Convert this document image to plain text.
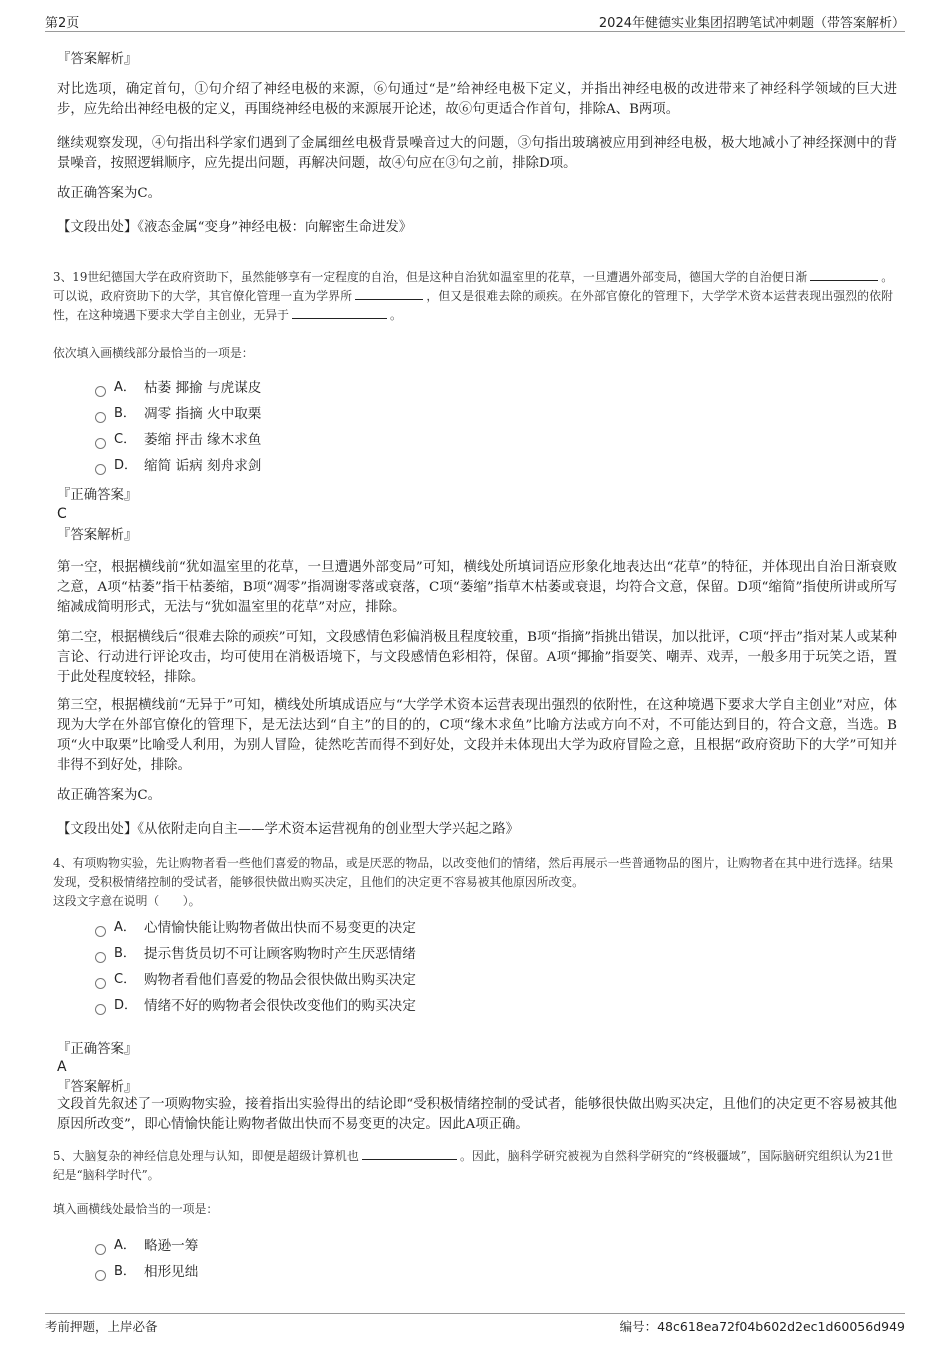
第2页	2024年健德实业集团招聘笔试冲刺题（带答案解析）
『答案解析』

对比选项，确定首句，①句介绍了神经电极的来源，⑥句通过“是”给神经电极下定义，并指出神经电极的改进带来了神经科学领域的巨大进步，应先给出神经电极的定义，再围绕神经电极的来源展开论述，故⑥句更适合作首句，排除A、B两项。

继续观察发现，④句指出科学家们遇到了金属细丝电极背景噪音过大的问题，③句指出玻璃被应用到神经电极，极大地减小了神经探测中的背景噪音，按照逻辑顺序，应先提出问题，再解决问题，故④句应在③句之前，排除D项。

故正确答案为C。

【文段出处】《液态金属“变身”神经电极：向解密生命进发》

3、19世纪德国大学在政府资助下，虽然能够享有一定程度的自治，但是这种自治犹如温室里的花草，一旦遭遇外部变局，德国大学的自治便日渐	。可以说，政府资助下的大学，其官僚化管理一直为学界所	，但又是很难去除的顽疾。在外部官僚化的管理下，大学学术资本运营表现出强烈的依附性，在这种境遇下要求大学自主创业，无异于	。

依次填入画横线部分最恰当的一项是：

A． 枯萎 揶揄 与虎谋皮
B． 凋零 指摘 火中取栗
C． 萎缩 抨击 缘木求鱼
D． 缩简 诟病 刻舟求剑
『正确答案』
C
『答案解析』

第一空，根据横线前“犹如温室里的花草，一旦遭遇外部变局”可知，横线处所填词语应形象化地表达出“花草”的特征，并体现出自治日渐衰败之意，A项“枯萎”指干枯萎缩，B项“凋零”指凋谢零落或衰落，C项“萎缩”指草木枯萎或衰退，均符合文意，保留。D项“缩简”指使所讲或所写缩减成简明形式，无法与“犹如温室里的花草”对应，排除。

第二空，根据横线后“很难去除的顽疾”可知，文段感情色彩偏消极且程度较重，B项“指摘”指挑出错误，加以批评，C项“抨击”指对某人或某种言论、行动进行评论攻击，均可使用在消极语境下，与文段感情色彩相符，保留。A项“揶揄”指耍笑、嘲弄、戏弄，一般多用于玩笑之语，置于此处程度较轻，排除。

第三空，根据横线前“无异于”可知，横线处所填成语应与“大学学术资本运营表现出强烈的依附性，在这种境遇下要求大学自主创业”对应，体现为大学在外部官僚化的管理下，是无法达到“自主”的目的的，C项“缘木求鱼”比喻方法或方向不对，不可能达到目的，符合文意，当选。B项“火中取栗”比喻受人利用，为别人冒险，徒然吃苦而得不到好处，文段并未体现出大学为政府冒险之意，且根据“政府资助下的大学”可知并非得不到好处，排除。

故正确答案为C。

【文段出处】《从依附走向自主——学术资本运营视角的创业型大学兴起之路》

4、有项购物实验，先让购物者看一些他们喜爱的物品，或是厌恶的物品，以改变他们的情绪，然后再展示一些普通物品的图片，让购物者在其中进行选择。结果发现，受积极情绪控制的受试者，能够很快做出购买决定，且他们的决定更不容易被其他原因所改变。

这段文字意在说明（　　）。

A． 心情愉快能让购物者做出快而不易变更的决定
B． 提示售货员切不可让顾客购物时产生厌恶情绪
C． 购物者看他们喜爱的物品会很快做出购买决定
D． 情绪不好的购物者会很快改变他们的购买决定
『正确答案』
A
『答案解析』

文段首先叙述了一项购物实验，接着指出实验得出的结论即“受积极情绪控制的受试者，能够很快做出购买决定，且他们的决定更不容易被其他原因所改变”，即心情愉快能让购物者做出快而不易变更的决定。因此A项正确。

5、大脑复杂的神经信息处理与认知，即便是超级计算机也	。因此，脑科学研究被视为自然科学研究的“终极疆域”，国际脑研究组织认为21世纪是“脑科学时代”。

填入画横线处最恰当的一项是：

A． 略逊一筹
B． 相形见绌
考前押题，上岸必备	编号：48c618ea72f04b602d2ec1d60056d949
